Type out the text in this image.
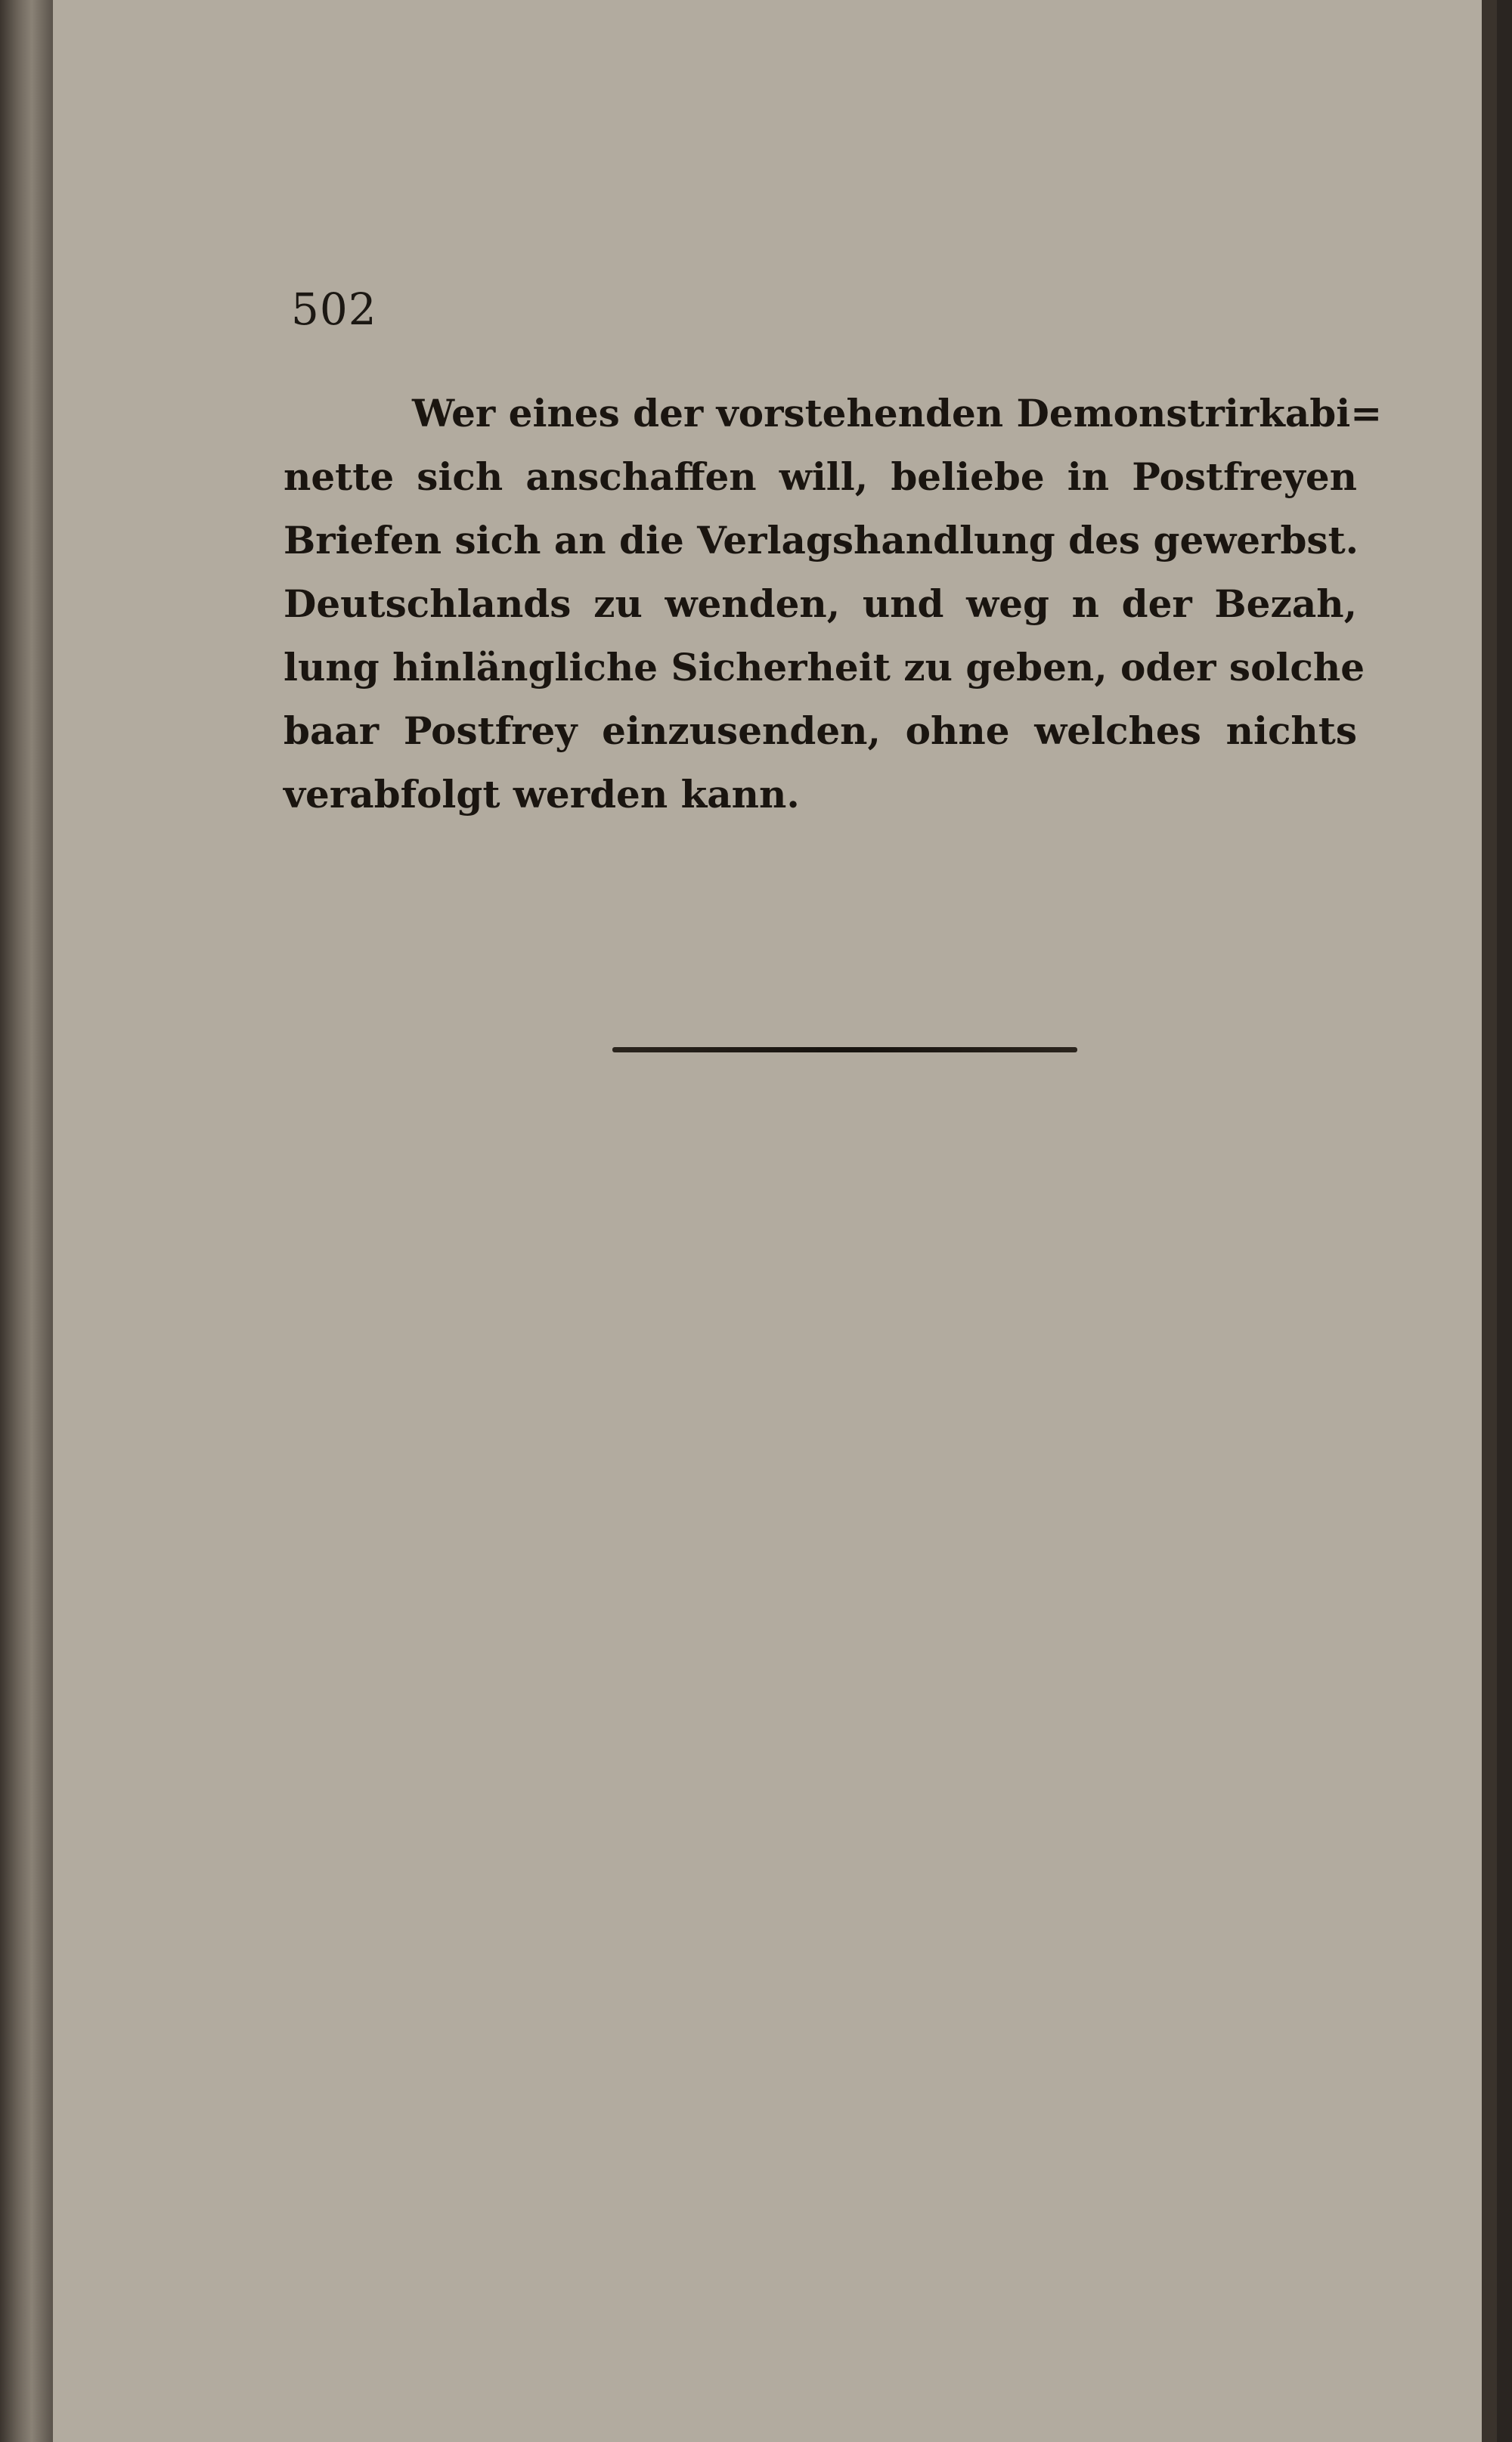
502
Wer eines der vorstehenden Demonstrirkabi=
nette sich anschaffen will, beliebe in Postfreyen
Briefen sich an die Verlagshandlung des gewerbst.
Deutschlands zu wenden, und weg n der Bezah,
lung hinlängliche Sicherheit zu geben, oder solche
baar Postfrey einzusenden, ohne welches nichts
verabfolgt werden kann.
